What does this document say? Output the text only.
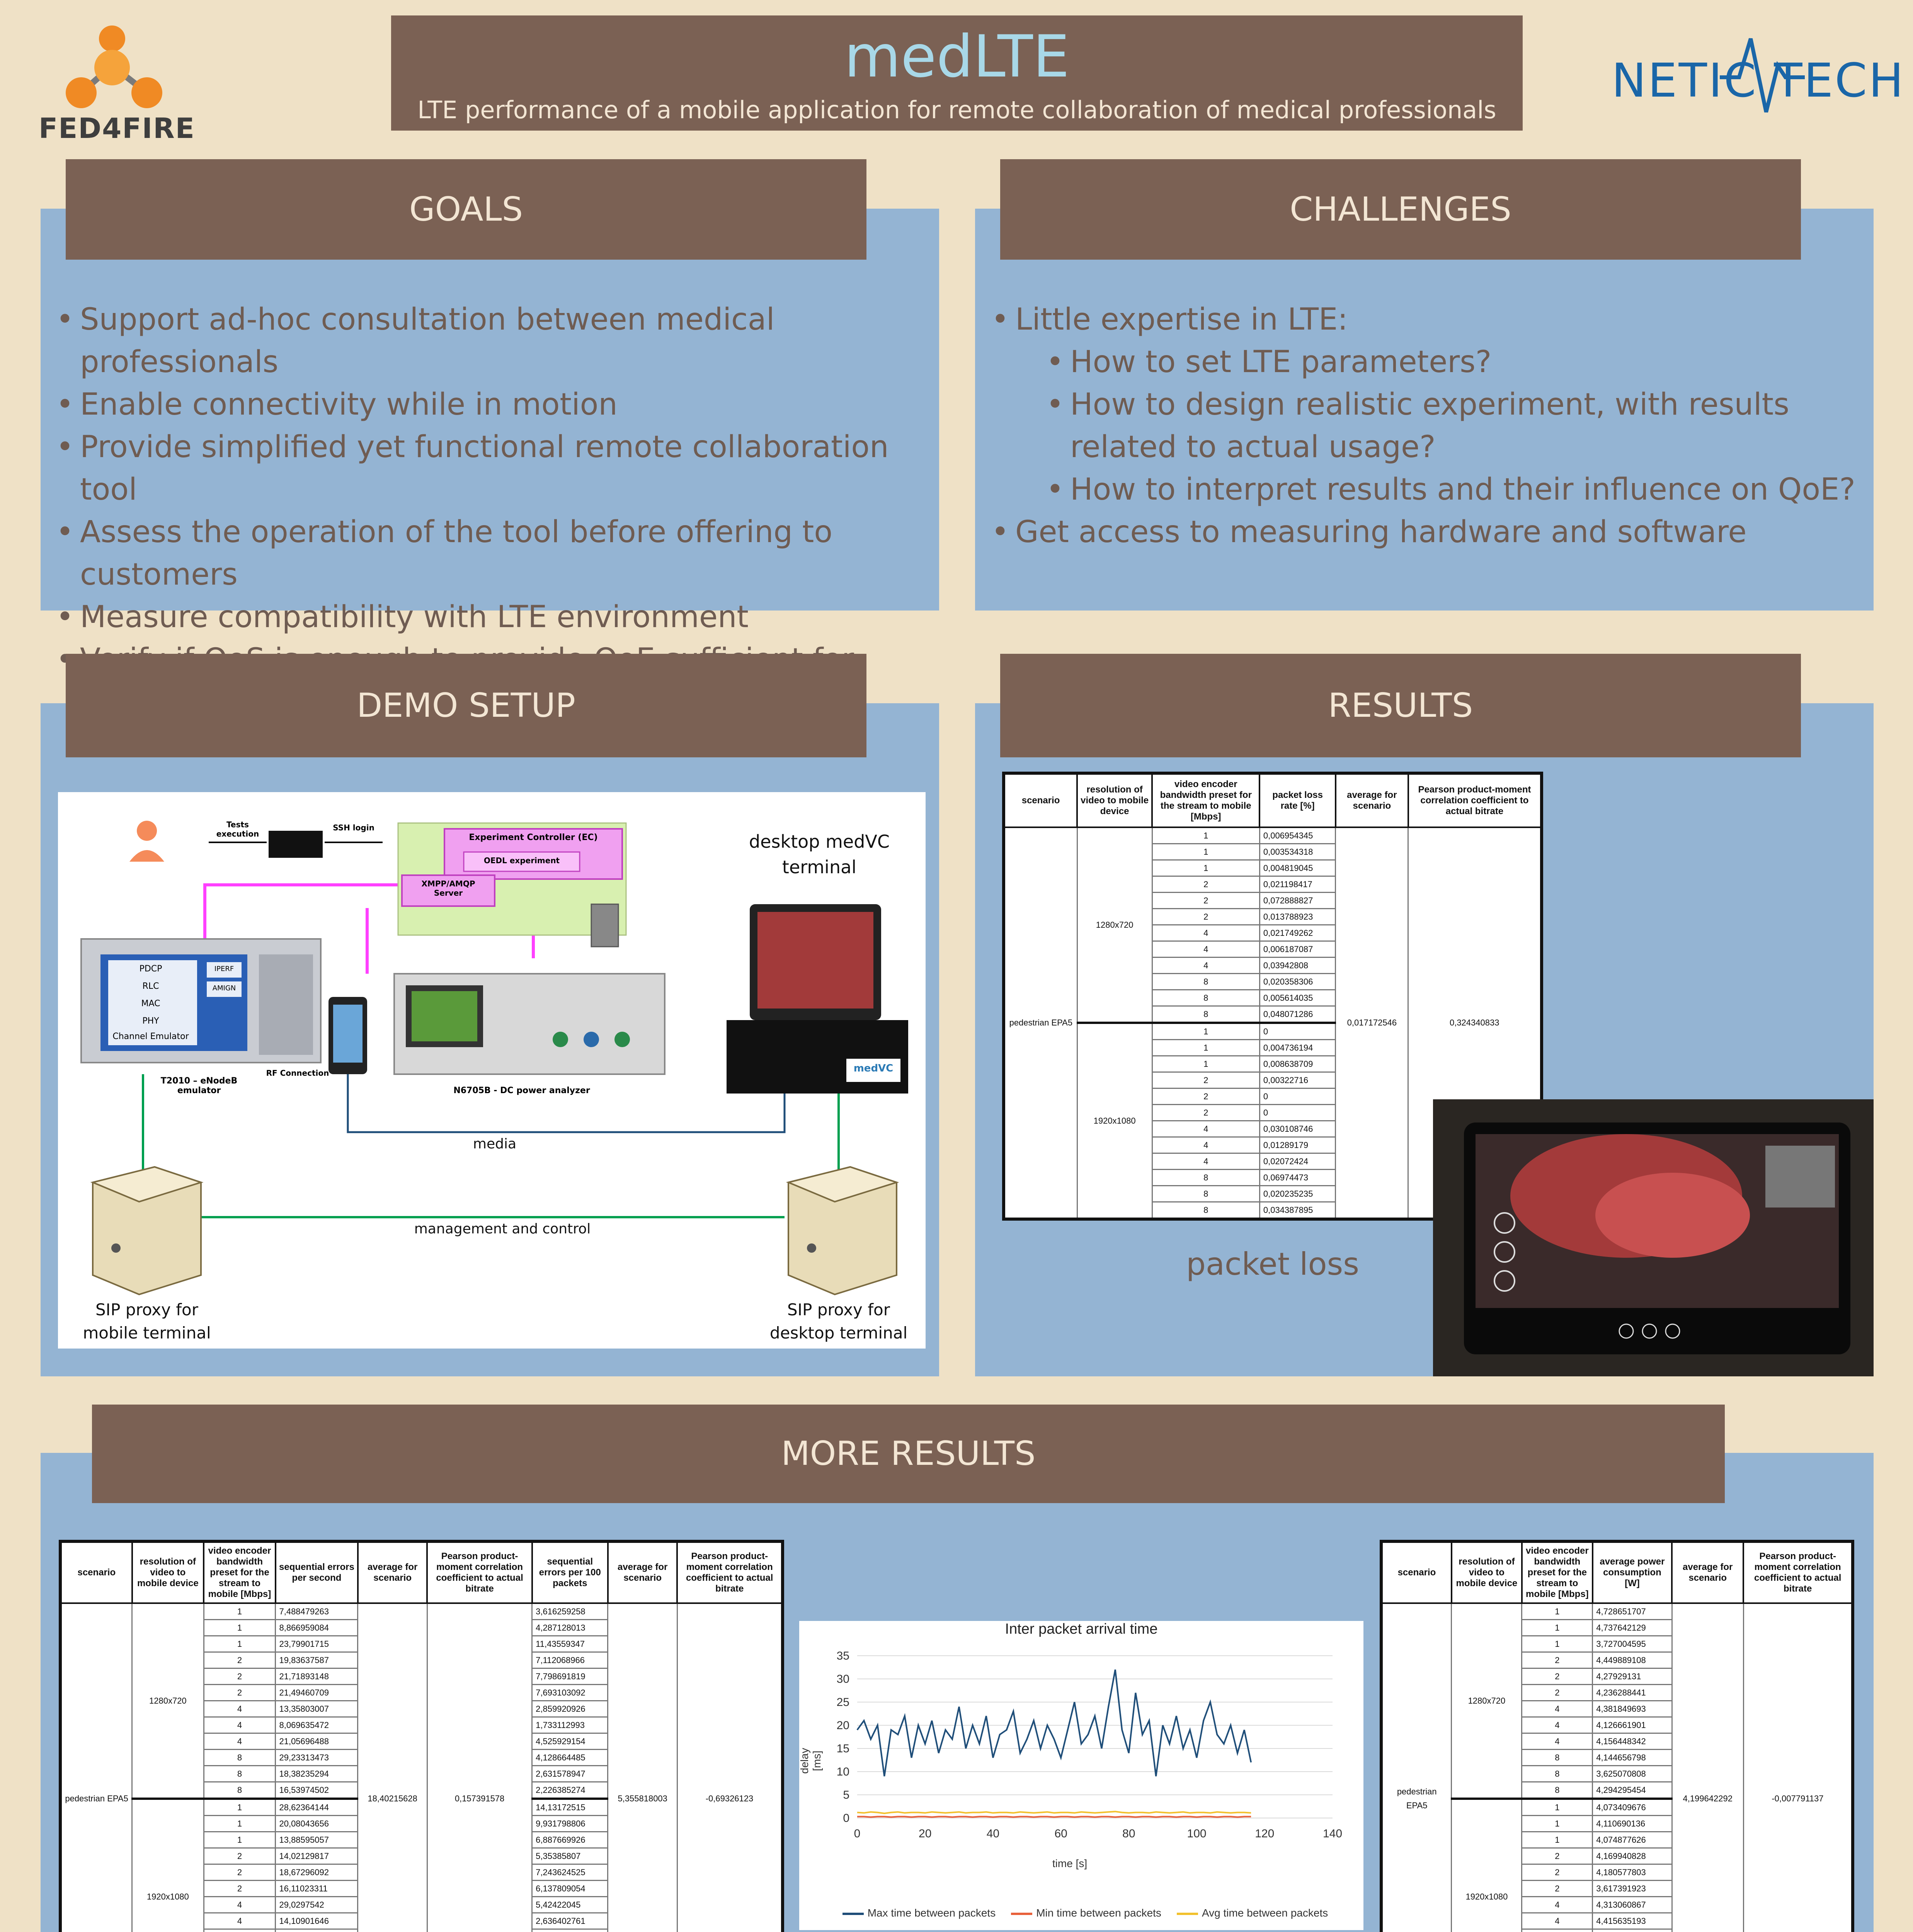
FED4FIRE
medLTE
LTE performance of a mobile application for remote collaboration of medical professionals
NETIC TECH
GOALS
• Support ad-hoc consultation between medical professionals
• Enable connectivity while in motion
• Provide simplified yet functional remote collaboration tool
• Assess the operation of the tool before offering to customers
• Measure compatibility with LTE environment
•
CHALLENGES
• Little expertise in LTE:
• How to set LTE parameters?
• How to design realistic experiment, with results related to actual usage?
• How to interpret results and their influence on QoE?
• Get access to measuring hardware and software
DEMO SETUP
Tests execution
SSH login
Experiment Controller (EC)
OEDL experiment
XMPP/AMQP Server
PDCP
RLC
MAC
PHY
Channel Emulator
IPERF
AMIGN
T2010 – eNodeB emulator
RF Connection
N6705B - DC power analyzer
desktop medVC terminal
medVC
media
management and control
SIP proxy for mobile terminal
SIP proxy for desktop terminal
RESULTS
scenario	resolution of video to mobile device	video encoder bandwidth preset for the stream to mobile [Mbps]	packet loss rate [%]	average for scenario	Pearson product-moment correlation coefficient to actual bitrate
pedestrian EPA5	1280x720	1	0,006954345	0,017172546	0,324340833
		1	0,003534318		
		1	0,004819045		
		2	0,021198417		
		2	0,072888827		
		2	0,013788923		
		4	0,021749262		
		4	0,006187087		
		4	0,03942808		
		8	0,020358306		
		8	0,005614035		
		8	0,048071286		
	1920x1080	1	0		
		1	0,004736194		
		1	0,008638709		
		2	0,00322716		
		2	0		
		2	0		
		4	0,030108746		
		4	0,01289179		
		4	0,02072424		
		8	0,06974473		
		8	0,020235235		
		8	0,034387895		
packet loss
MORE RESULTS
scenario	resolution of video to mobile device	video encoder bandwidth preset for the stream to mobile [Mbps]	sequential errors per second	average for scenario	Pearson product-moment correlation coefficient to actual bitrate	sequential errors per 100 packets	average for scenario	Pearson product-moment correlation coefficient to actual bitrate
pedestrian EPA5	1280x720	1	7,488479263	18,40215628	0,157391578	3,616259258	5,355818003	-0,69326123
		1	8,866959084			4,287128013		
		1	23,79901715			11,43559347		
		2	19,83637587			7,112068966		
		2	21,71893148			7,798691819		
		2	21,49460709			7,693103092		
		4	13,35803007			2,859920926		
		4	8,069635472			1,733112993		
		4	21,05696488			4,525929154		
		8	29,23313473			4,128664485		
		8	18,38235294			2,631578947		
		8	16,53974502			2,226385274		
	1920x1080	1	28,62364144			14,13172515		
		1	20,08043656			9,931798806		
		1	13,88595057			6,887669926		
		2	14,02129817			5,35385807		
		2	18,67296092			7,243624525		
		2	16,11023311			6,137809054		
		4	29,0297542			5,42422045		
		4	14,10901646			2,636402761		

0
5
10
15
20
25
30
35
0	20	40	60	80	100	120	140
Inter packet arrival time
time [s]
delay [ms]
Max time between packets	Min time between packets	Avg time between packets
scenario	resolution of video to mobile device	video encoder bandwidth preset for the stream to mobile [Mbps]	average power consumption [W]	average for scenario	Pearson product-moment correlation coefficient to actual bitrate
pedestrian EPA5	1280x720	1	4,728651707	4,199642292	-0,007791137
		1	4,737642129		
		1	3,727004595		
		2	4,449889108		
		2	4,27929131		
		2	4,236288441		
		4	4,381849693		
		4	4,126661901		
		4	4,156448342		
		8	4,144656798		
		8	3,625070808		
		8	4,294295454		
	1920x1080	1	4,073409676		
		1	4,110690136		
		1	4,074877626		
		2	4,169940828		
		2	4,180577803		
		2	3,617391923		
		4	4,313060867		
		4	4,415635193		
